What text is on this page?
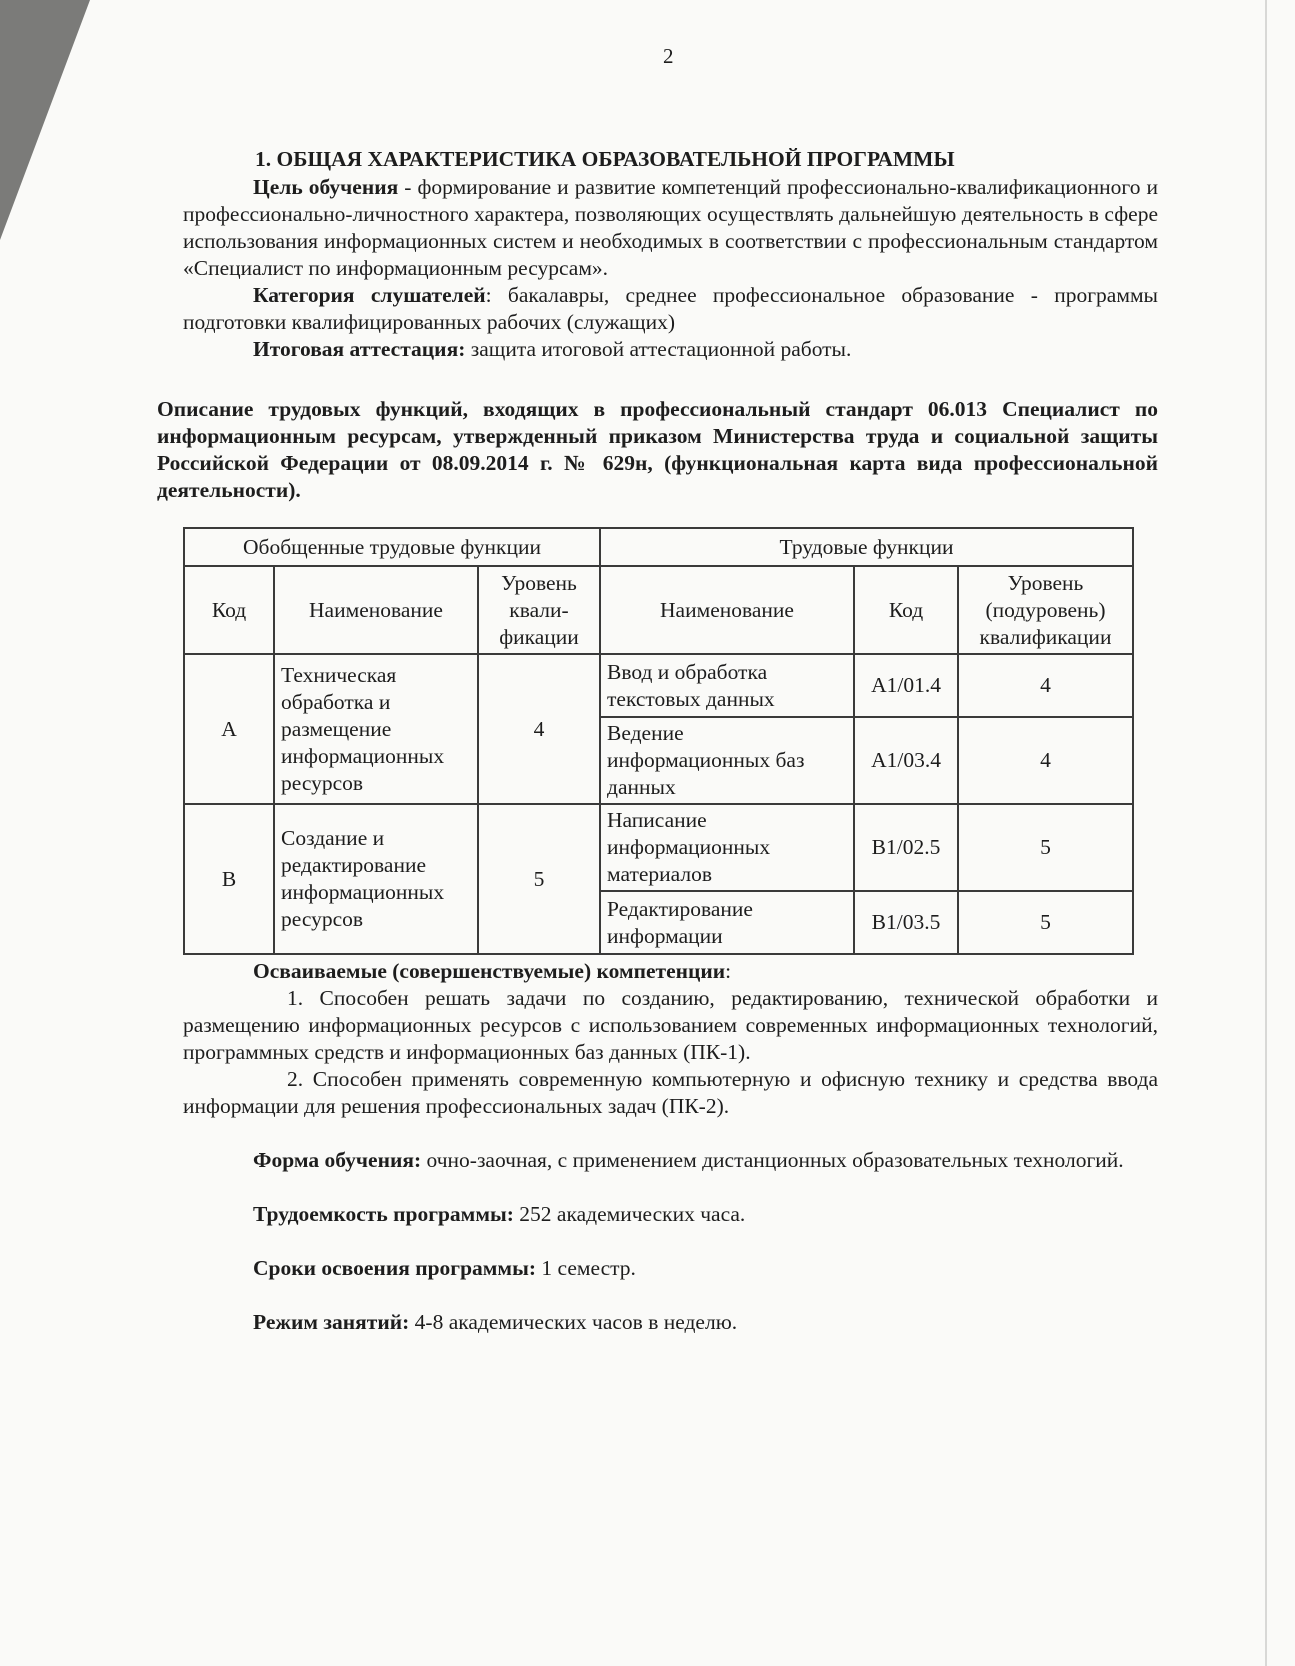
2
1. ОБЩАЯ ХАРАКТЕРИСТИКА ОБРАЗОВАТЕЛЬНОЙ ПРОГРАММЫ
Цель обучения - формирование и развитие компетенций профессионально-квалификационного и профессионально-личностного характера, позволяющих осуществлять дальнейшую деятельность в сфере использования информационных систем и необходимых в соответствии с профессиональным стандартом «Специалист по информационным ресурсам».
Категория слушателей: бакалавры, среднее профессиональное образование - программы подготовки квалифицированных рабочих (служащих)
Итоговая аттестация: защита итоговой аттестационной работы.
Описание трудовых функций, входящих в профессиональный стандарт 06.013 Специалист по информационным ресурсам, утвержденный приказом Министерства труда и социальной защиты Российской Федерации от 08.09.2014 г. № 629н, (функциональная карта вида профессиональной деятельности).
Обобщенные трудовые функции			Трудовые функции		
Код	Наименование	Уровень квали-фикации	Наименование	Код	Уровень (подуровень) квалификации
A	Техническая обработка и размещение информационных ресурсов	4	Ввод и обработка текстовых данных	A1/01.4	4
			Ведение информационных баз данных	A1/03.4	4
B	Создание и редактирование информационных ресурсов	5	Написание информационных материалов	B1/02.5	5
			Редактирование информации	B1/03.5	5
Осваиваемые (совершенствуемые) компетенции:
1. Способен решать задачи по созданию, редактированию, технической обработки и размещению информационных ресурсов с использованием современных информационных технологий, программных средств и информационных баз данных (ПК-1).
2. Способен применять современную компьютерную и офисную технику и средства ввода информации для решения профессиональных задач (ПК-2).
Форма обучения: очно-заочная, с применением дистанционных образовательных технологий.
Трудоемкость программы: 252 академических часа.
Сроки освоения программы: 1 семестр.
Режим занятий: 4-8 академических часов в неделю.
